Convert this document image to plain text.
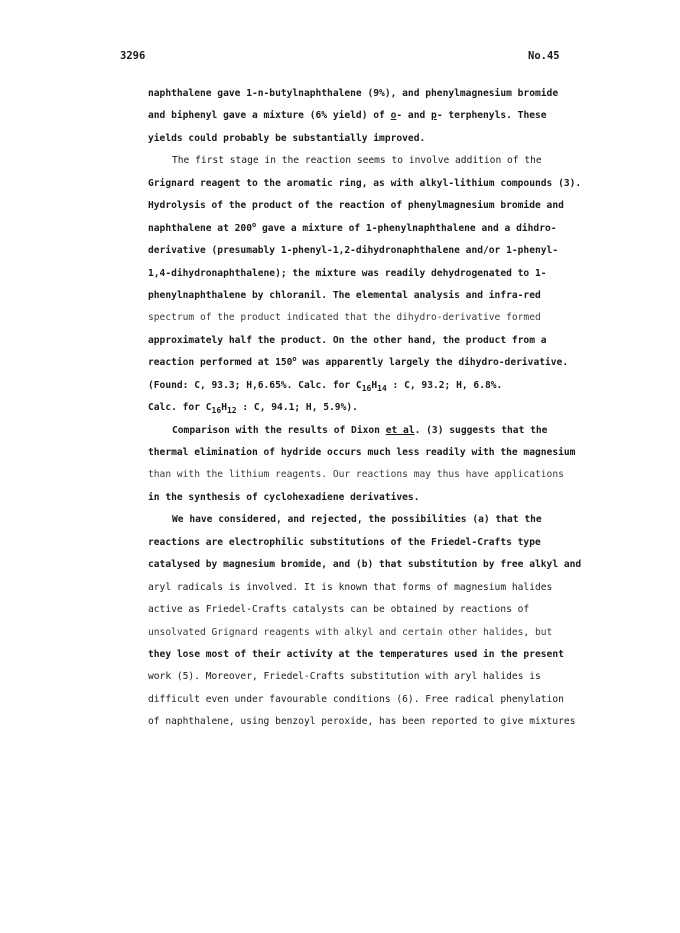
3296	No.45
naphthalene gave 1-n-butylnaphthalene (9%), and phenylmagnesium bromide
and biphenyl gave a mixture (6% yield) of o- and p- terphenyls. These
yields could probably be substantially improved.
The first stage in the reaction seems to involve addition of the
Grignard reagent to the aromatic ring, as with alkyl-lithium compounds (3).
Hydrolysis of the product of the reaction of phenylmagnesium bromide and
naphthalene at 200$^o$ gave a mixture of 1-phenylnaphthalene and a dihdro-
derivative (presumably 1-phenyl-1,2-dihydronaphthalene and/or 1-phenyl-
1,4-dihydronaphthalene); the mixture was readily dehydrogenated to 1-
phenylnaphthalene by chloranil. The elemental analysis and infra-red
spectrum of the product indicated that the dihydro-derivative formed
approximately half the product. On the other hand, the product from a
reaction performed at 150$^o$ was apparently largely the dihydro-derivative.
(Found: C, 93.3; H,6.65%. Calc. for $C_{16}H_{14}$ : C, 93.2; H, 6.8%.
Calc. for $C_{16}H_{12}$ : C, 94.1; H, 5.9%).
Comparison with the results of Dixon et al. (3) suggests that the
thermal elimination of hydride occurs much less readily with the magnesium
than with the lithium reagents. Our reactions may thus have applications
in the synthesis of cyclohexadiene derivatives.
We have considered, and rejected, the possibilities (a) that the
reactions are electrophilic substitutions of the Friedel-Crafts type
catalysed by magnesium bromide, and (b) that substitution by free alkyl and
aryl radicals is involved. It is known that forms of magnesium halides
active as Friedel-Crafts catalysts can be obtained by reactions of
unsolvated Grignard reagents with alkyl and certain other halides, but
they lose most of their activity at the temperatures used in the present
work (5). Moreover, Friedel-Crafts substitution with aryl halides is
difficult even under favourable conditions (6). Free radical phenylation
of naphthalene, using benzoyl peroxide, has been reported to give mixtures
